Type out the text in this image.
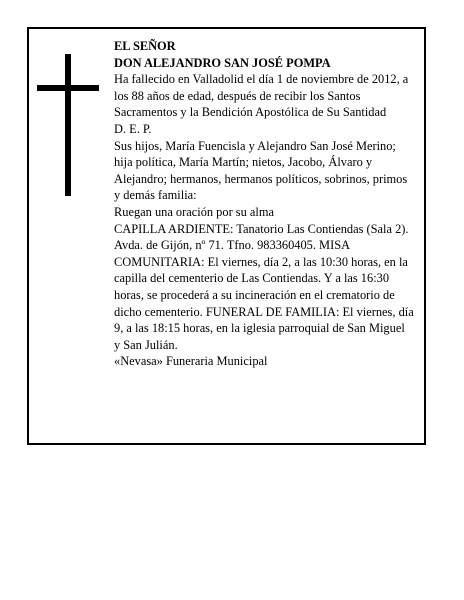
EL SEÑOR

DON ALEJANDRO SAN JOSÉ POMPA

Ha fallecido en Valladolid el día 1 de noviembre de 2012, a los 88 años de edad, después de recibir los Santos Sacramentos y la Bendición Apostólica de Su Santidad

D. E. P.

Sus hijos, María Fuencisla y Alejandro San José Merino; hija política, María Martín; nietos, Jacobo, Álvaro y Alejandro; hermanos, hermanos políticos, sobrinos, primos y demás familia:

Ruegan una oración por su alma

CAPILLA ARDIENTE: Tanatorio Las Contiendas (Sala 2). Avda. de Gijón, nº 71. Tfno. 983360405. MISA COMUNITARIA: El viernes, día 2, a las 10:30 horas, en la capilla del cementerio de Las Contiendas. Y a las 16:30 horas, se procederá a su incineración en el crematorio de dicho cementerio. FUNERAL DE FAMILIA: El viernes, día 9, a las 18:15 horas, en la iglesia parroquial de San Miguel y San Julián.

«Nevasa» Funeraria Municipal
